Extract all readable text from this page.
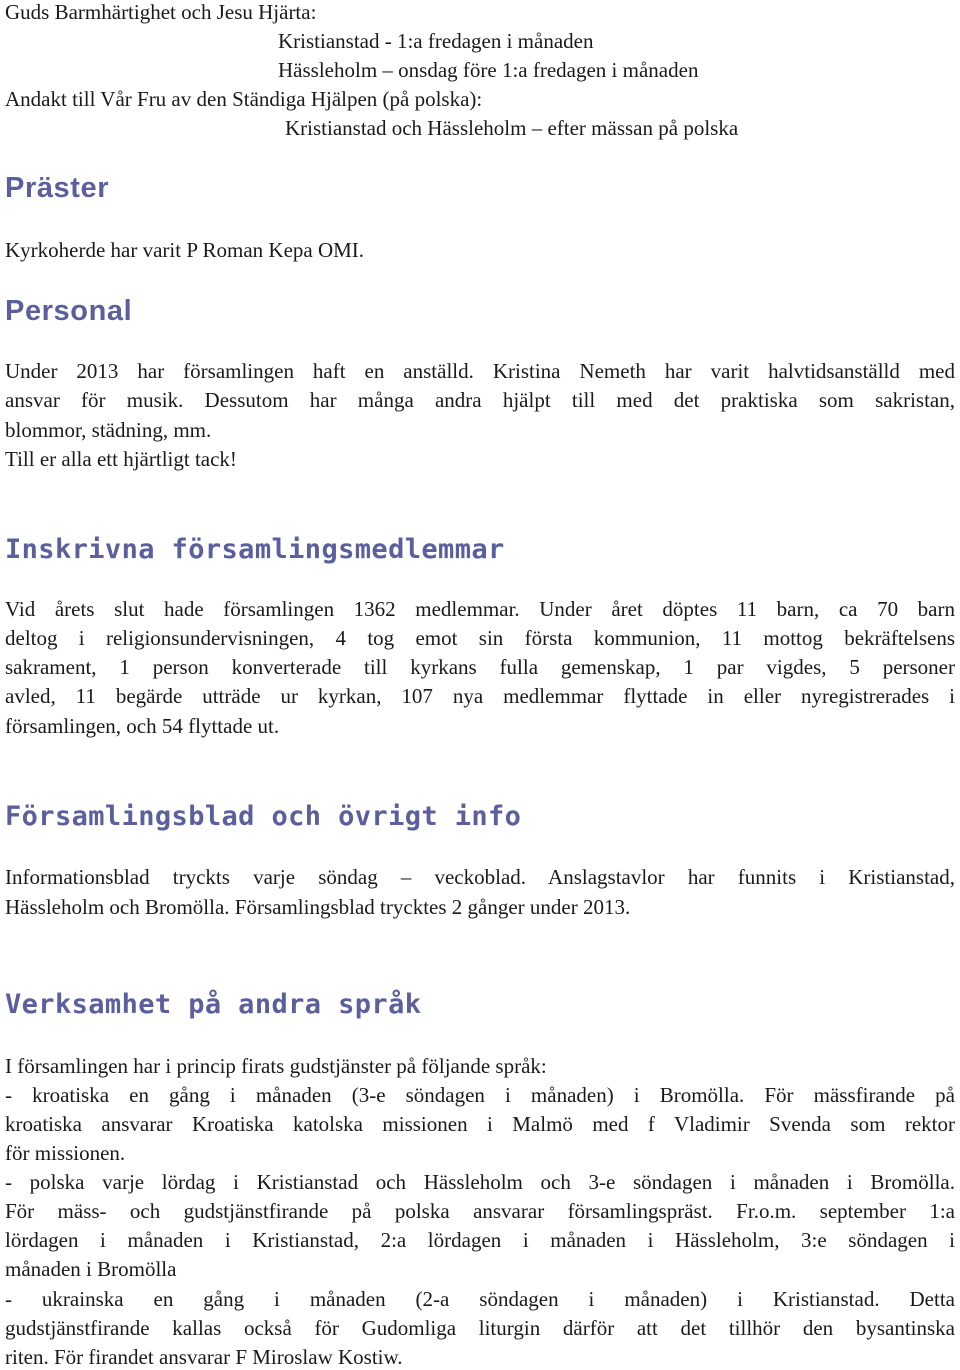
Guds Barmhärtighet och Jesu Hjärta:
Kristianstad - 1:a fredagen i månaden
Hässleholm – onsdag före 1:a fredagen i månaden
Andakt till Vår Fru av den Ständiga Hjälpen (på polska):
Kristianstad och Hässleholm – efter mässan på polska
Präster
Kyrkoherde har varit P Roman Kepa OMI.
Personal
Under 2013 har församlingen haft en anställd. Kristina Nemeth har varit halvtidsanställd med
ansvar för musik. Dessutom har många andra hjälpt till med det praktiska som sakristan,
blommor, städning, mm.
Till er alla ett hjärtligt tack!
Inskrivna församlingsmedlemmar
Vid årets slut hade församlingen 1362 medlemmar. Under året döptes 11 barn, ca 70 barn
deltog i religionsundervisningen, 4 tog emot sin första kommunion, 11 mottog bekräftelsens
sakrament, 1 person konverterade till kyrkans fulla gemenskap, 1 par vigdes, 5 personer
avled, 11 begärde utträde ur kyrkan, 107 nya medlemmar flyttade in eller nyregistrerades i
församlingen, och 54 flyttade ut.
Församlingsblad och övrigt info
Informationsblad tryckts varje söndag – veckoblad. Anslagstavlor har funnits i Kristianstad,
Hässleholm och Bromölla. Församlingsblad trycktes 2 gånger under 2013.
Verksamhet på andra språk
I församlingen har i princip firats gudstjänster på följande språk:
- kroatiska en gång i månaden (3-e söndagen i månaden) i Bromölla. För mässfirande på
kroatiska ansvarar Kroatiska katolska missionen i Malmö med f Vladimir Svenda som rektor
för missionen.
- polska varje lördag i Kristianstad och Hässleholm och 3-e söndagen i månaden i Bromölla.
För mäss- och gudstjänstfirande på polska ansvarar församlingspräst. Fr.o.m. september 1:a
lördagen i månaden i Kristianstad, 2:a lördagen i månaden i Hässleholm, 3:e söndagen i
månaden i Bromölla
- ukrainska en gång i månaden (2-a söndagen i månaden) i Kristianstad. Detta
gudstjänstfirande kallas också för Gudomliga liturgin därför att det tillhör den bysantinska
riten. För firandet ansvarar F Miroslaw Kostiw.
